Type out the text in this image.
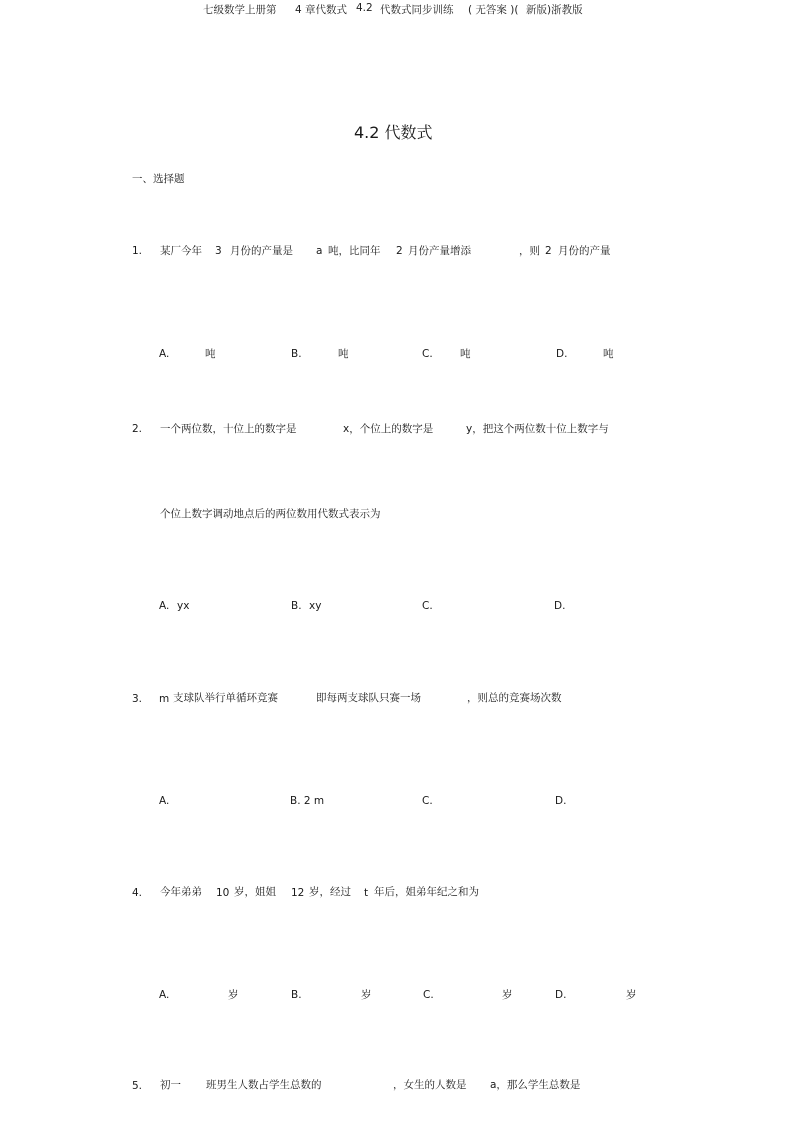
七级数学上册第 4 章代数式 4.2 代数式同步训练 ( 无答案 )( 新版)浙教版
4.2 代数式
一、选择题
1. 某厂今年 3 月份的产量是 a 吨，比同年 2 月份产量增添	，则 2 月份的产量
A.	吨	B.	吨	C.	吨	D.	吨
2. 一个两位数，十位上的数字是	x，个位上的数字是	y，把这个两位数十位上数字与
个位上数字调动地点后的两位数用代数式表示为
A. yx	B. xy	C.	D.
3. m 支球队举行单循环竞赛	即每两支球队只赛一场	，则总的竞赛场次数
A.	B. 2 m	C.	D.
4. 今年弟弟 10 岁，姐姐 12 岁，经过 t 年后，姐弟年纪之和为
A.	岁	B.	岁	C.	岁	D.	岁
5. 初一 班男生人数占学生总数的	，女生的人数是 a，那么学生总数是
